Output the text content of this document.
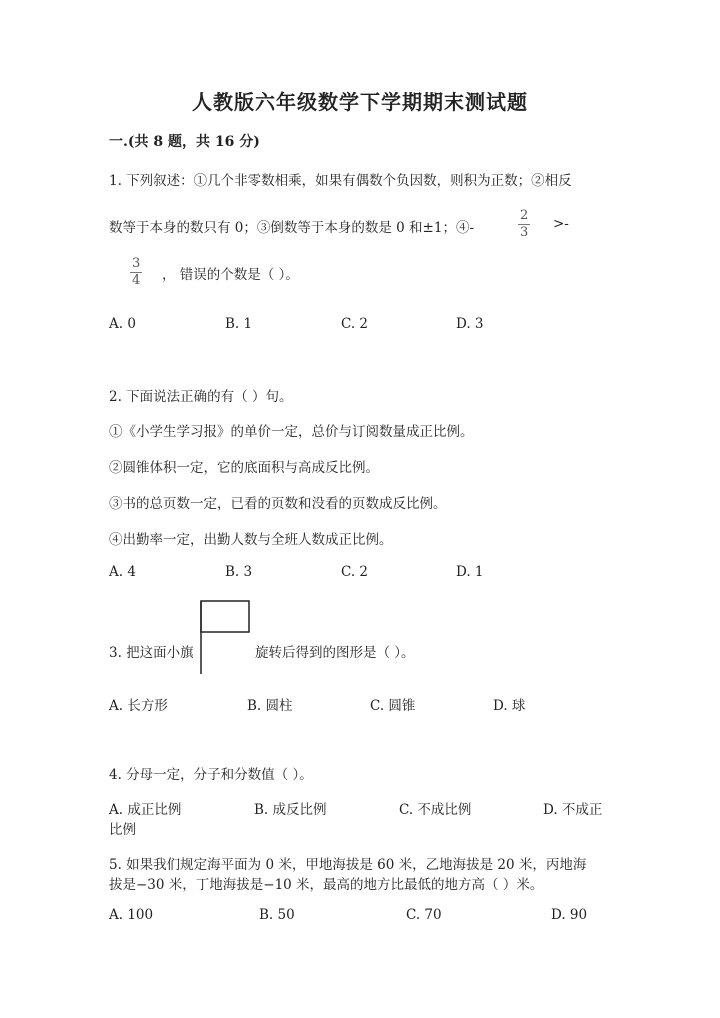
人教版六年级数学下学期期末测试题
一.(共 8 题，共 16 分)
1. 下列叙述：①几个非零数相乘，如果有偶数个负因数，则积为正数；②相反
数等于本身的数只有 0；③倒数等于本身的数是 0 和±1；④-
2
3
>-
3
4 ， 错误的个数是（ ）。
A. 0	B. 1	C. 2	D. 3
2. 下面说法正确的有（ ）句。
①《小学生学习报》的单价一定，总价与订阅数量成正比例。
②圆锥体积一定，它的底面积与高成反比例。
③书的总页数一定，已看的页数和没看的页数成反比例。
④出勤率一定，出勤人数与全班人数成正比例。
A. 4	B. 3	C. 2	D. 1
3. 把这面小旗	旋转后得到的图形是（ ）。
A. 长方形	B. 圆柱	C. 圆锥	D. 球
4. 分母一定，分子和分数值（ ）。
A. 成正比例	B. 成反比例	C. 不成比例	D. 不成正
比例
5. 如果我们规定海平面为 0 米，甲地海拔是 60 米，乙地海拔是 20 米，丙地海
拔是−30 米，丁地海拔是−10 米，最高的地方比最低的地方高（ ）米。
A. 100	B. 50	C. 70	D. 90
